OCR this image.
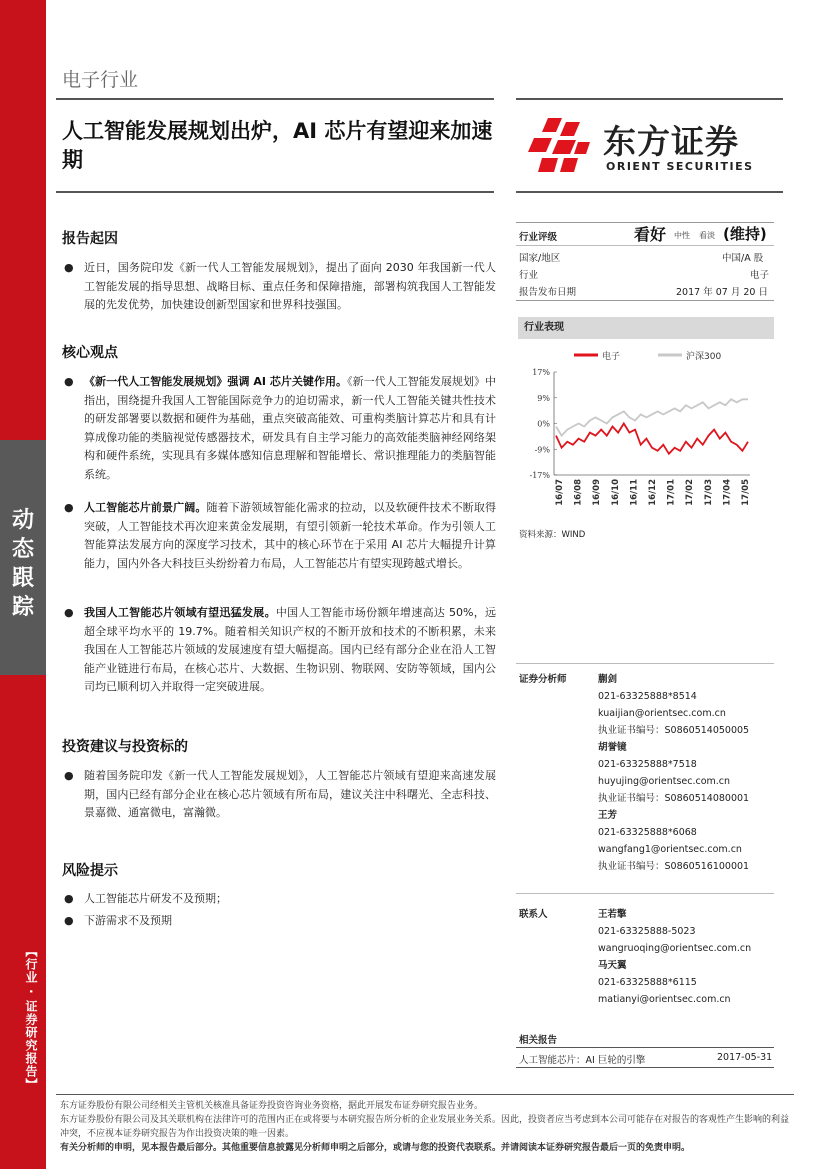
动态跟踪
【行业 · 证券研究报告】
电子行业
人工智能发展规划出炉，AI 芯片有望迎来加速期	东方证券
ORIENT SECURITIES
报告起因
● 近日，国务院印发《新一代人工智能发展规划》，提出了面向 2030 年我国新一代人工智能发展的指导思想、战略目标、重点任务和保障措施，部署构筑我国人工智能发展的先发优势，加快建设创新型国家和世界科技强国。
核心观点
● 《新一代人工智能发展规划》强调 AI 芯片关键作用。《新一代人工智能发展规划》中指出，围绕提升我国人工智能国际竞争力的迫切需求，新一代人工智能关键共性技术的研发部署要以数据和硬件为基础，重点突破高能效、可重构类脑计算芯片和具有计算成像功能的类脑视觉传感器技术，研发具有自主学习能力的高效能类脑神经网络架构和硬件系统，实现具有多媒体感知信息理解和智能增长、常识推理能力的类脑智能系统。
● 人工智能芯片前景广阔。随着下游领域智能化需求的拉动，以及软硬件技术不断取得突破，人工智能技术再次迎来黄金发展期，有望引领新一轮技术革命。作为引领人工智能算法发展方向的深度学习技术，其中的核心环节在于采用 AI 芯片大幅提升计算能力，国内外各大科技巨头纷纷着力布局，人工智能芯片有望实现跨越式增长。
● 我国人工智能芯片领域有望迅猛发展。中国人工智能市场份额年增速高达 50%，远超全球平均水平的 19.7%。随着相关知识产权的不断开放和技术的不断积累，未来我国在人工智能芯片领域的发展速度有望大幅提高。国内已经有部分企业在沿人工智能产业链进行布局，在核心芯片、大数据、生物识别、物联网、安防等领域，国内公司均已顺利切入并取得一定突破进展。
投资建议与投资标的
● 随着国务院印发《新一代人工智能发展规划》，人工智能芯片领域有望迎来高速发展期，国内已经有部分企业在核心芯片领域有所布局，建议关注中科曙光、全志科技、景嘉微、通富微电，富瀚微。
风险提示
● 人工智能芯片研发不及预期；
● 下游需求不及预期
行业评级	看好 中性 看淡 (维持)
国家/地区	中国/A 股
行业	电子
报告发布日期	2017 年 07 月 20 日
行业表现
电子	沪深300
17%
9%
0%
-9%
-17%
16/07 16/08 16/09 16/10 16/11 16/12 17/01 17/02 17/03 17/04 17/05
资料来源：WIND
证券分析师	蒯剑
021-63325888*8514
kuaijian@orientsec.com.cn
执业证书编号：S0860514050005
胡誉镜
021-63325888*7518
huyujing@orientsec.com.cn
执业证书编号：S0860514080001
王芳
021-63325888*6068
wangfang1@orientsec.com.cn
执业证书编号：S0860516100001
联系人	王若擎
021-63325888-5023
wangruoqing@orientsec.com.cn
马天翼
021-63325888*6115
matianyi@orientsec.com.cn
相关报告
人工智能芯片：AI 巨轮的引擎	2017-05-31
东方证券股份有限公司经相关主管机关核准具备证券投资咨询业务资格，据此开展发布证券研究报告业务。
东方证券股份有限公司及其关联机构在法律许可的范围内正在或将要与本研究报告所分析的企业发展业务关系。因此，投资者应当考虑到本公司可能存在对报告的客观性产生影响的利益冲突，不应视本证券研究报告为作出投资决策的唯一因素。
有关分析师的申明，见本报告最后部分。其他重要信息披露见分析师申明之后部分，或请与您的投资代表联系。并请阅读本证券研究报告最后一页的免责申明。
